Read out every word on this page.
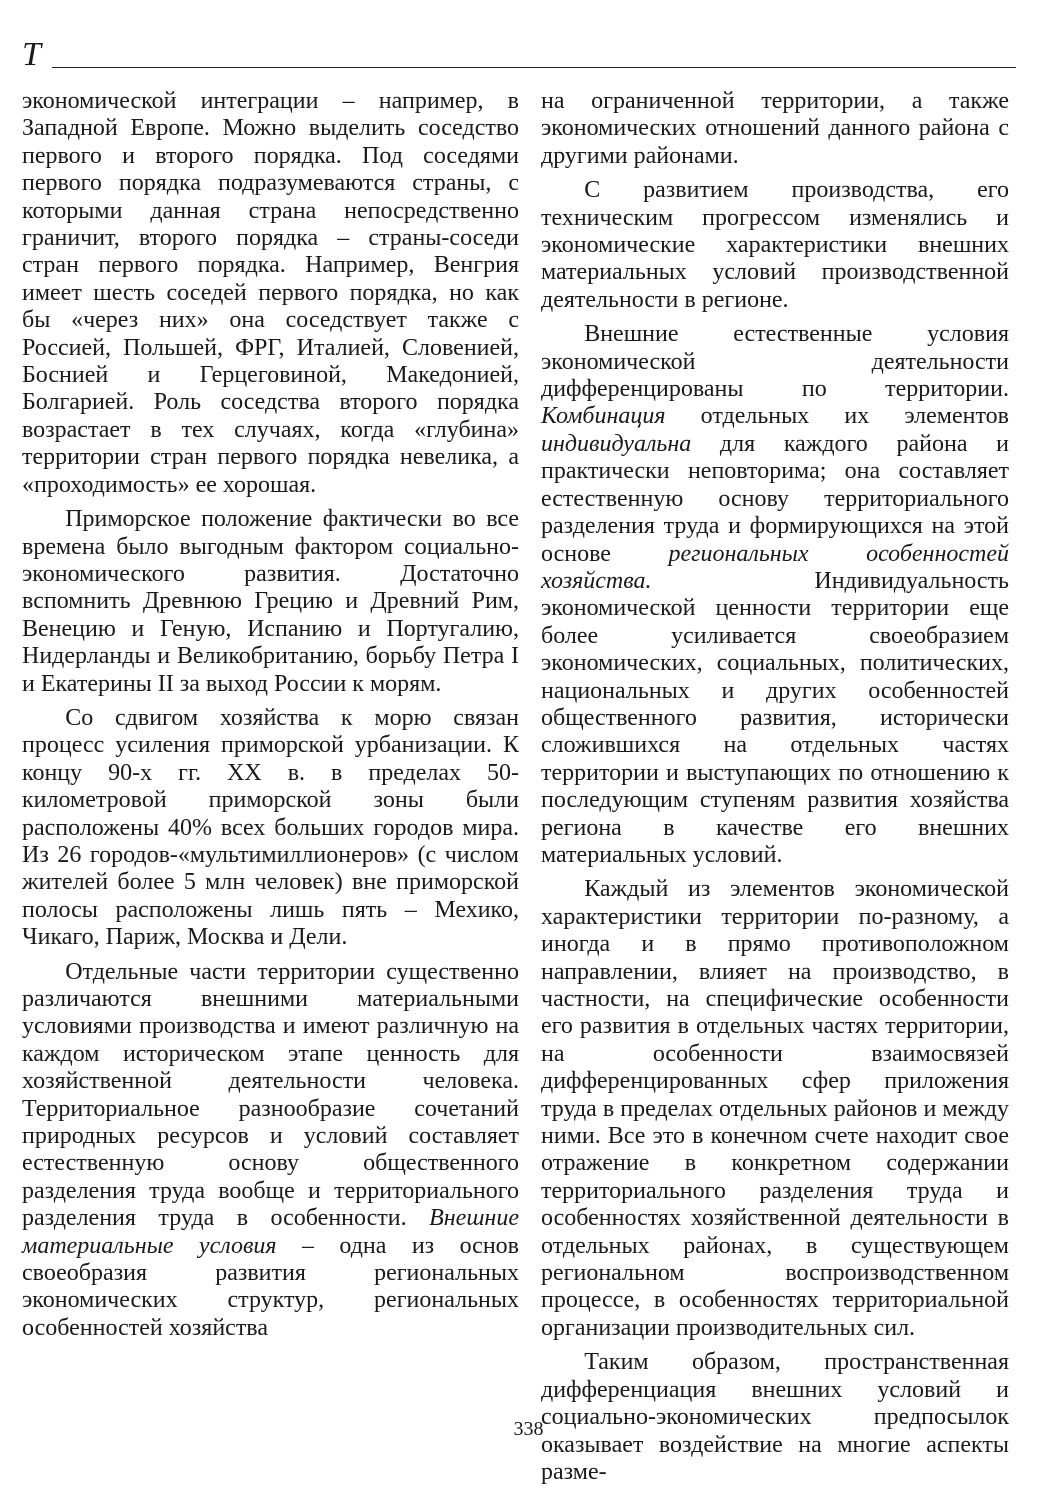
Т

экономической интеграции – например, в Западной Европе. Можно выделить соседство первого и второго порядка. Под соседями первого порядка подразумеваются страны, с которыми данная страна непосредственно граничит, второго порядка – страны-соседи стран первого порядка. Например, Венгрия имеет шесть соседей первого порядка, но как бы «через них» она соседствует также с Россией, Польшей, ФРГ, Италией, Словенией, Боснией и Герцеговиной, Македонией, Болгарией. Роль соседства второго порядка возрастает в тех случаях, когда «глубина» территории стран первого порядка невелика, а «проходимость» ее хорошая.

Приморское положение фактически во все времена было выгодным фактором социально-экономического развития. Достаточно вспомнить Древнюю Грецию и Древний Рим, Венецию и Геную, Испанию и Португалию, Нидерланды и Великобританию, борьбу Петра I и Екатерины II за выход России к морям.

Со сдвигом хозяйства к морю связан процесс усиления приморской урбанизации. К концу 90-х гг. XX в. в пределах 50-километровой приморской зоны были расположены 40% всех больших городов мира. Из 26 городов-«мультимиллионеров» (с числом жителей более 5 млн человек) вне приморской полосы расположены лишь пять – Мехико, Чикаго, Париж, Москва и Дели.

Отдельные части территории существенно различаются внешними материальными условиями производства и имеют различную на каждом историческом этапе ценность для хозяйственной деятельности человека. Территориальное разнообразие сочетаний природных ресурсов и условий составляет естественную основу общественного разделения труда вообще и территориального разделения труда в особенности. Внешние материальные условия – одна из основ своеобразия развития региональных экономических структур, региональных особенностей хозяйства

на ограниченной территории, а также экономических отношений данного района с другими районами.

С развитием производства, его техническим прогрессом изменялись и экономические характеристики внешних материальных условий производственной деятельности в регионе.

Внешние естественные условия экономической деятельности дифференцированы по территории. Комбинация отдельных их элементов индивидуальна для каждого района и практически неповторима; она составляет естественную основу территориального разделения труда и формирующихся на этой основе региональных особенностей хозяйства. Индивидуальность экономической ценности территории еще более усиливается своеобразием экономических, социальных, политических, национальных и других особенностей общественного развития, исторически сложившихся на отдельных частях территории и выступающих по отношению к последующим ступеням развития хозяйства региона в качестве его внешних материальных условий.

Каждый из элементов экономической характеристики территории по-разному, а иногда и в прямо противоположном направлении, влияет на производство, в частности, на специфические особенности его развития в отдельных частях территории, на особенности взаимосвязей дифференцированных сфер приложения труда в пределах отдельных районов и между ними. Все это в конечном счете находит свое отражение в конкретном содержании территориального разделения труда и особенностях хозяйственной деятельности в отдельных районах, в существующем региональном воспроизводственном процессе, в особенностях территориальной организации производительных сил.

Таким образом, пространственная дифференциация внешних условий и социально-экономических предпосылок оказывает воздействие на многие аспекты разме-

338
